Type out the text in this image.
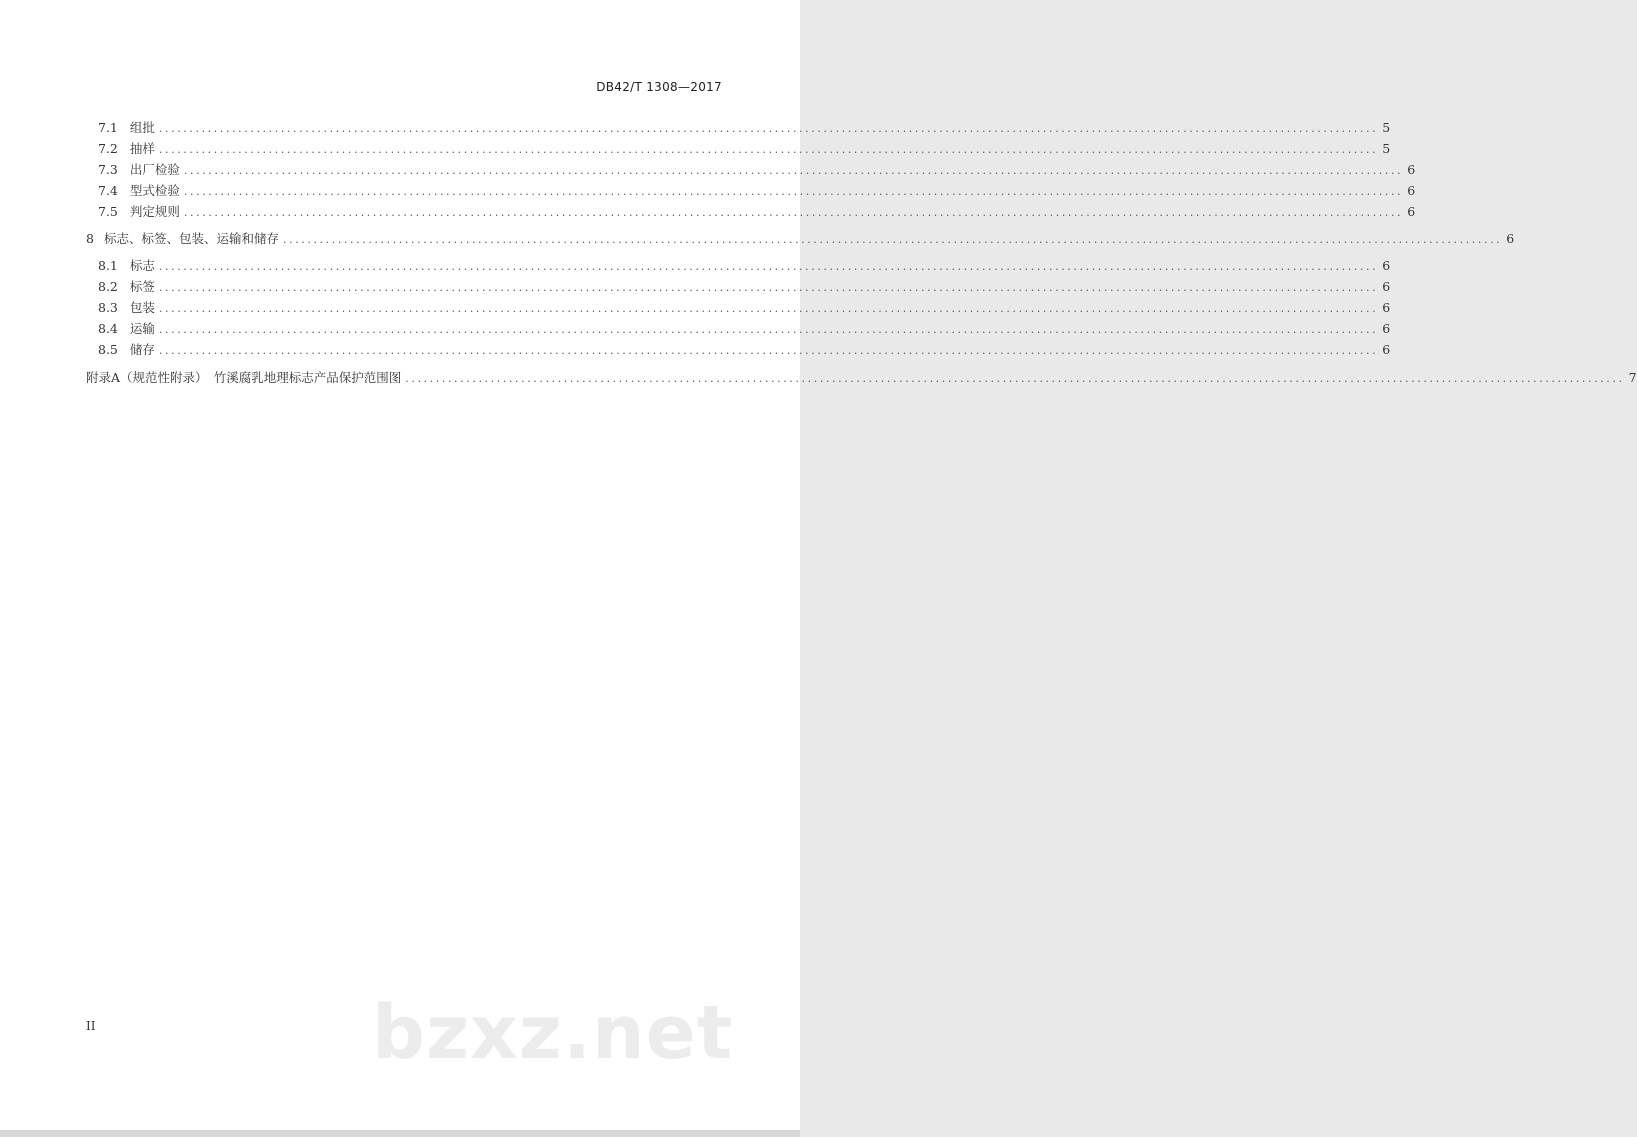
DB42/T 1308—2017
7.1 组批 ........................................................................................................................................................................................................ 5
7.2 抽样 ........................................................................................................................................................................................................ 5
7.3 出厂检验 ........................................................................................................................................................................................................ 6
7.4 型式检验 ........................................................................................................................................................................................................ 6
7.5 判定规则 ........................................................................................................................................................................................................ 6
8 标志、标签、包装、运输和储存 ........................................................................................................................................................................................................ 6
8.1 标志 ........................................................................................................................................................................................................ 6
8.2 标签 ........................................................................................................................................................................................................ 6
8.3 包装 ........................................................................................................................................................................................................ 6
8.4 运输 ........................................................................................................................................................................................................ 6
8.5 储存 ........................................................................................................................................................................................................ 6
附录A（规范性附录）　竹溪腐乳地理标志产品保护范围图 ........................................................................................................................................................................................................ 7
II	bzxz.net
